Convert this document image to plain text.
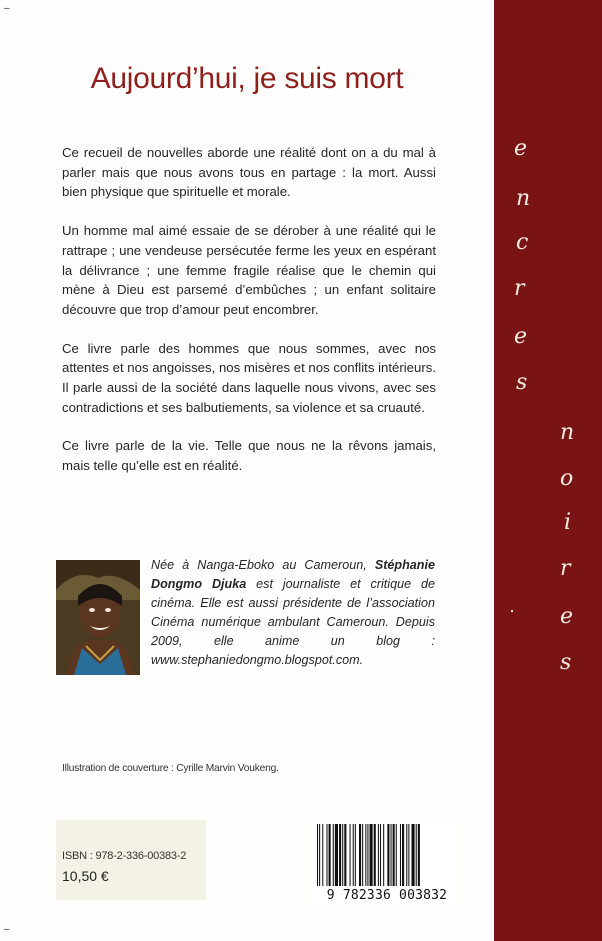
–
–
Aujourd’hui, je suis mort

Ce recueil de nouvelles aborde une réalité dont on a du mal à parler mais que nous avons tous en partage : la mort. Aussi bien physique que spirituelle et morale.

Un homme mal aimé essaie de se dérober à une réalité qui le rattrape ; une vendeuse persécutée ferme les yeux en espérant la délivrance ; une femme fragile réalise que le chemin qui mène à Dieu est parsemé d’embûches ; un enfant solitaire découvre que trop d’amour peut encombrer.

Ce livre parle des hommes que nous sommes, avec nos attentes et nos angoisses, nos misères et nos conflits intérieurs. Il parle aussi de la société dans laquelle nous vivons, avec ses contradictions et ses balbutiements, sa violence et sa cruauté.

Ce livre parle de la vie. Telle que nous ne la rêvons jamais, mais telle qu’elle est en réalité.

Née à Nanga-Eboko au Cameroun, Stéphanie Dongmo Djuka est journaliste et critique de cinéma. Elle est aussi présidente de l’association Cinéma numérique ambulant Cameroun. Depuis 2009, elle anime un blog : www.stephaniedongmo.blogspot.com.
Illustration de couverture : Cyrille Marvin Voukeng.
ISBN : 978-2-336-00383-2
10,50 €
9 782336 003832
e
n
c
r
e
s
n
o
i
r
e
s
